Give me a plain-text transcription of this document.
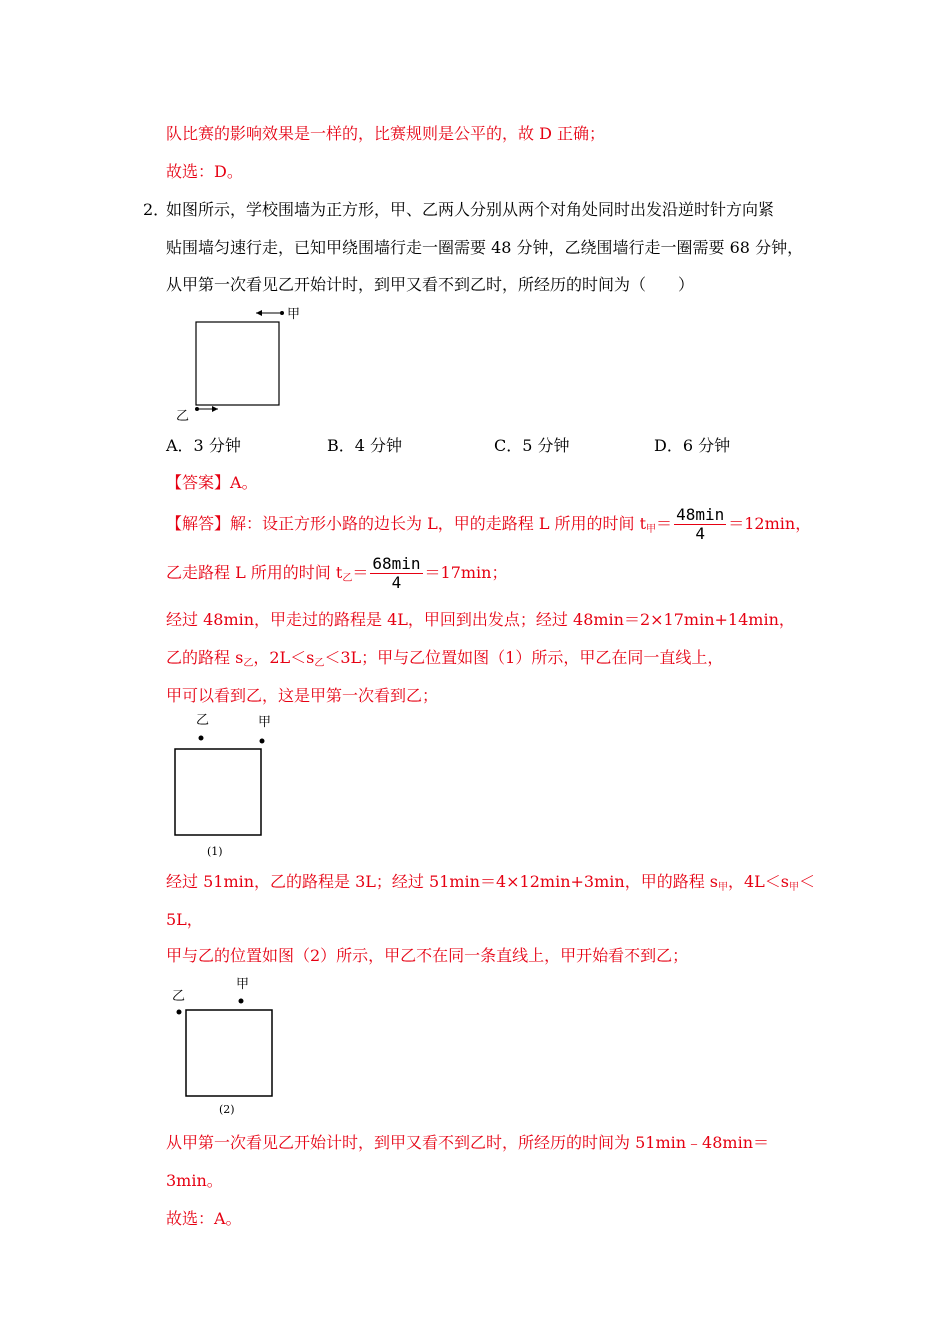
队比赛的影响效果是一样的，比赛规则是公平的，故 D 正确；
故选：D。
2．
如图所示，学校围墙为正方形，甲、乙两人分别从两个对角处同时出发沿逆时针方向紧
贴围墙匀速行走，已知甲绕围墙行走一圈需要 48 分钟，乙绕围墙行走一圈需要 68 分钟，
从甲第一次看见乙开始计时，到甲又看不到乙时，所经历的时间为（　　）
甲
乙
A．3 分钟	B．4 分钟	C．5 分钟	D．6 分钟
【答案】A。
【解答】解：设正方形小路的边长为 L，甲的走路程 L 所用的时间 $t_甲= \frac{48\min}{4} =12\min$，
乙走路程 L 所用的时间 $t_乙= \frac{68\min}{4} =17\min$；
经过 48min，甲走过的路程是 4L，甲回到出发点；经过 48min＝2×17min+14min，
乙的路程 $s_乙$，$2L<s_乙<3L$；甲与乙位置如图（1）所示，甲乙在同一直线上，
甲可以看到乙，这是甲第一次看到乙；
乙	甲
(1)
经过 51min，乙的路程是 3L；经过 51min＝4×12min+3min，甲的路程 $s_甲$，$4L<s_甲<$
5L，
甲与乙的位置如图（2）所示，甲乙不在同一条直线上，甲开始看不到乙；
乙
甲
(2)
从甲第一次看见乙开始计时，到甲又看不到乙时，所经历的时间为 51min﹣48min＝
3min。
故选：A。
